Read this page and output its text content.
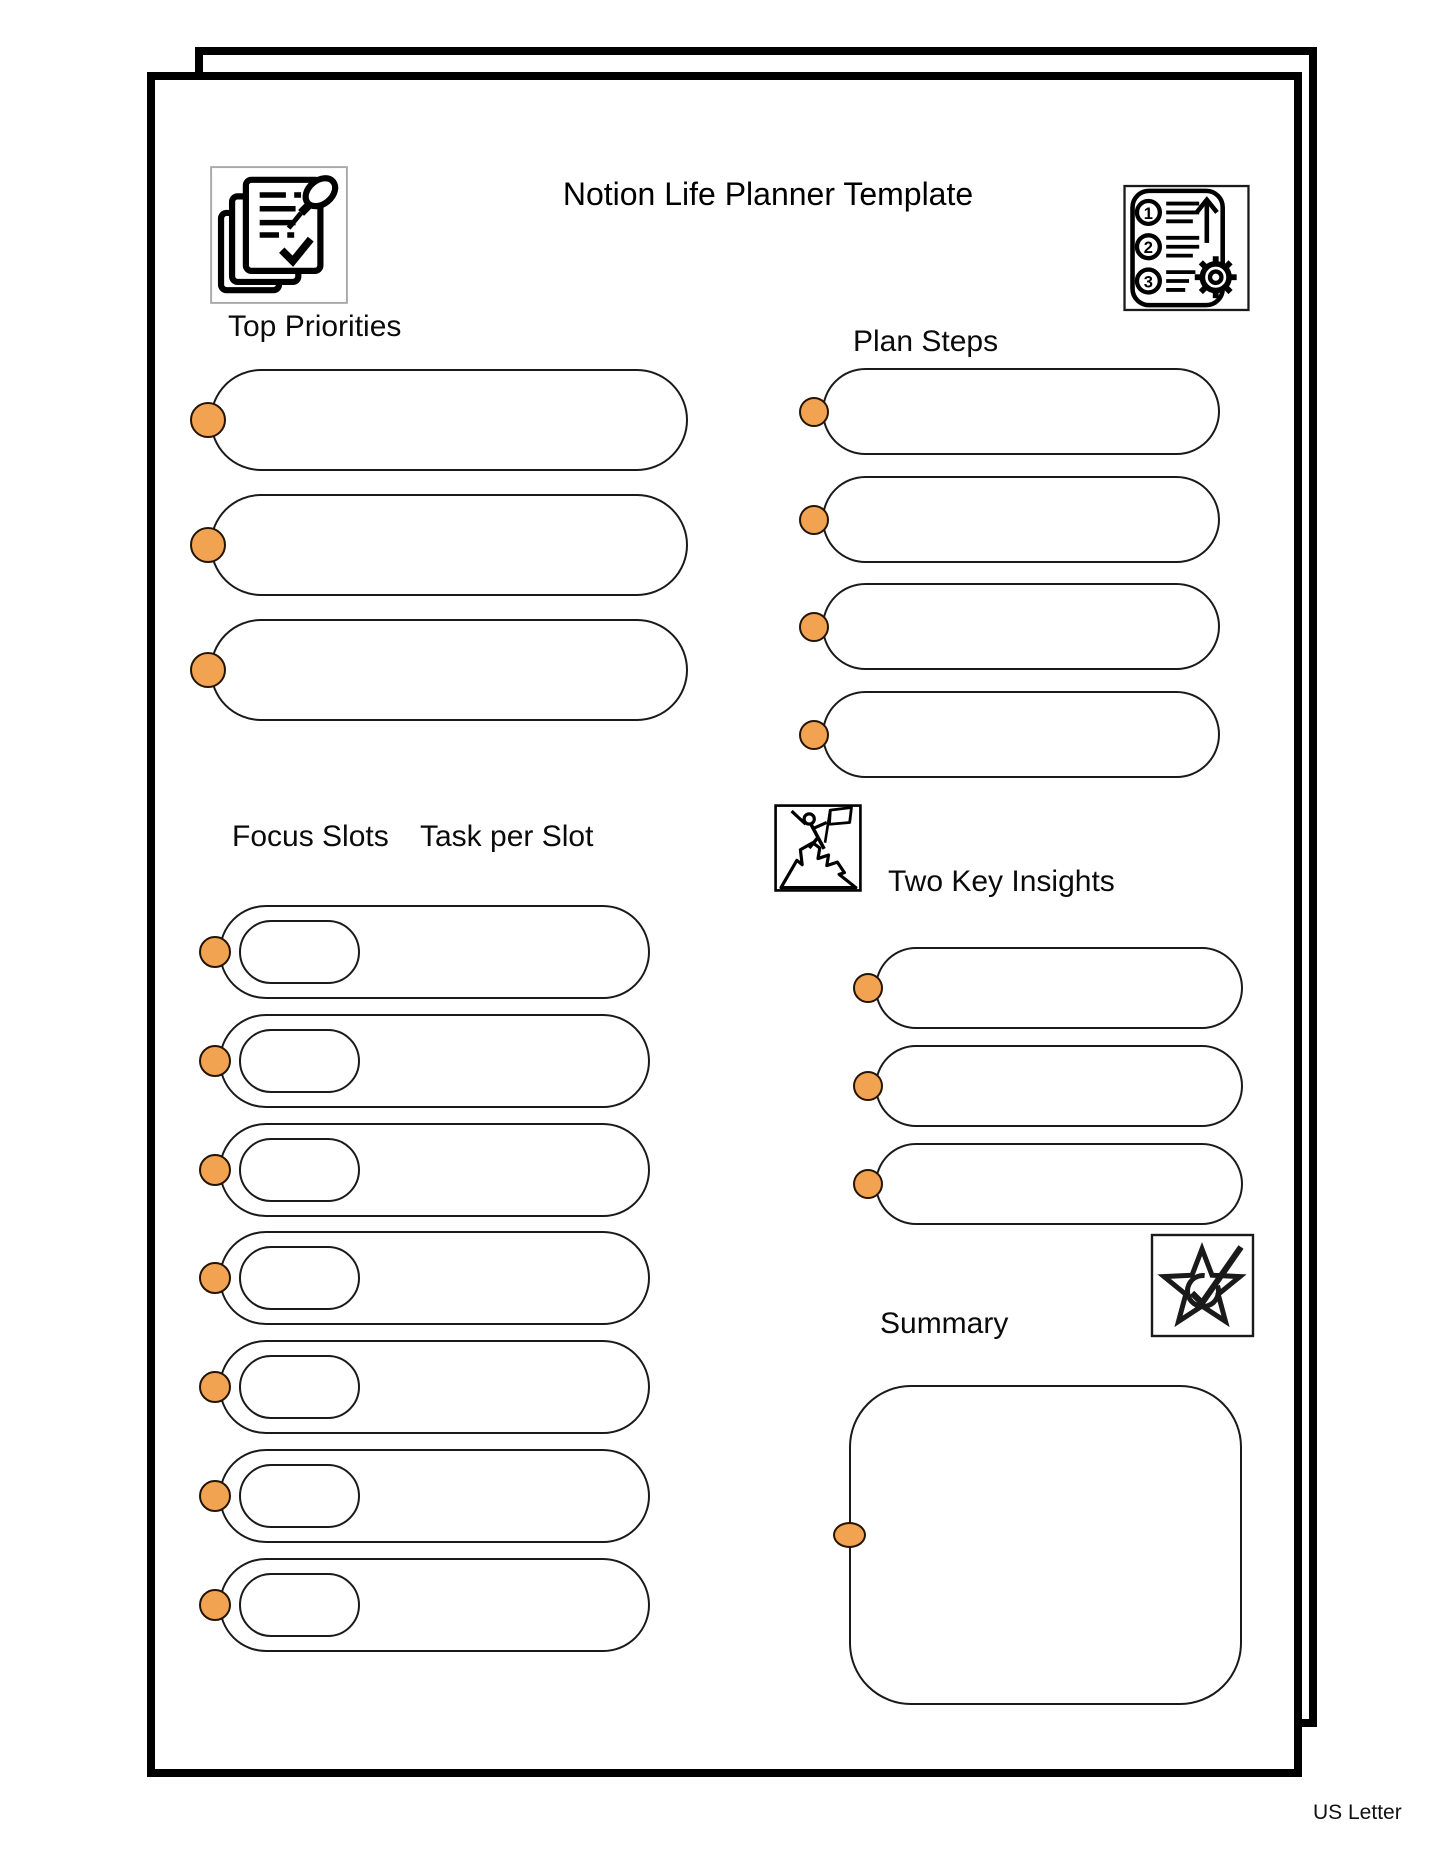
Notion Life Planner Template
1
2
3
Top Priorities	Plan Steps
Focus Slots Task per Slot
Two Key Insights
Summary
US Letter
